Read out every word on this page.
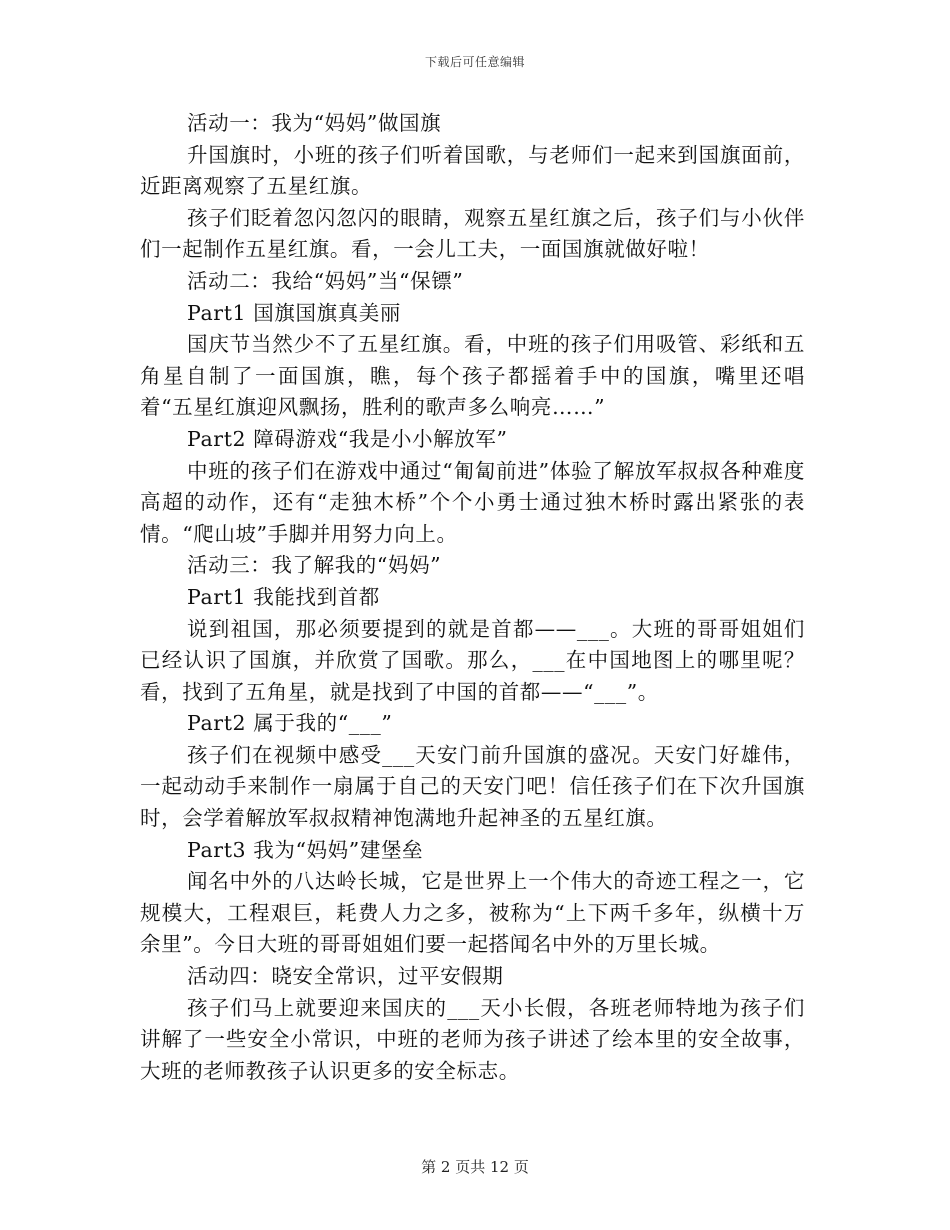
下载后可任意编辑

活动一：我为“妈妈”做国旗

升国旗时，小班的孩子们听着国歌，与老师们一起来到国旗面前，近距离观察了五星红旗。

孩子们眨着忽闪忽闪的眼睛，观察五星红旗之后，孩子们与小伙伴们一起制作五星红旗。看，一会儿工夫，一面国旗就做好啦！

活动二：我给“妈妈”当“保镖”

Part1 国旗国旗真美丽

国庆节当然少不了五星红旗。看，中班的孩子们用吸管、彩纸和五角星自制了一面国旗，瞧，每个孩子都摇着手中的国旗，嘴里还唱着“五星红旗迎风飘扬，胜利的歌声多么响亮……”

Part2 障碍游戏“我是小小解放军”

中班的孩子们在游戏中通过“匍匐前进”体验了解放军叔叔各种难度高超的动作，还有“走独木桥”个个小勇士通过独木桥时露出紧张的表情。“爬山坡”手脚并用努力向上。

活动三：我了解我的“妈妈”

Part1 我能找到首都

说到祖国，那必须要提到的就是首都——___。大班的哥哥姐姐们已经认识了国旗，并欣赏了国歌。那么，___在中国地图上的哪里呢？看，找到了五角星，就是找到了中国的首都——“___”。

Part2 属于我的“___”

孩子们在视频中感受___天安门前升国旗的盛况。天安门好雄伟，一起动动手来制作一扇属于自己的天安门吧！信任孩子们在下次升国旗时，会学着解放军叔叔精神饱满地升起神圣的五星红旗。

Part3 我为“妈妈”建堡垒

闻名中外的八达岭长城，它是世界上一个伟大的奇迹工程之一，它规模大，工程艰巨，耗费人力之多，被称为“上下两千多年，纵横十万余里”。今日大班的哥哥姐姐们要一起搭闻名中外的万里长城。

活动四：晓安全常识，过平安假期

孩子们马上就要迎来国庆的___天小长假，各班老师特地为孩子们讲解了一些安全小常识，中班的老师为孩子讲述了绘本里的安全故事，大班的老师教孩子认识更多的安全标志。

第 2 页共 12 页
